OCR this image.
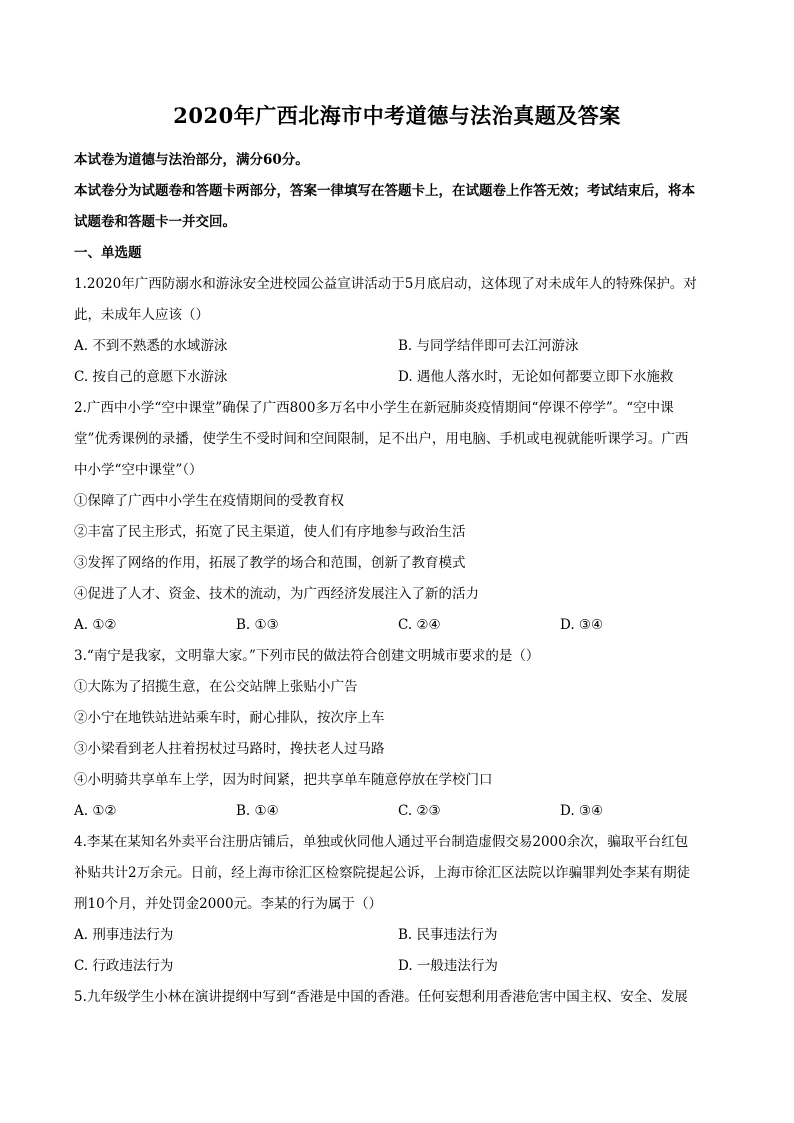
2020年广西北海市中考道德与法治真题及答案
本试卷为道德与法治部分，满分60分。
本试卷分为试题卷和答题卡两部分，答案一律填写在答题卡上，在试题卷上作答无效；考试结束后，将本
试题卷和答题卡一并交回。
一、单选题
1.2020年广西防溺水和游泳安全进校园公益宣讲活动于5月底启动，这体现了对未成年人的特殊保护。对
此，未成年人应该（）
A. 不到不熟悉的水域游泳	B. 与同学结伴即可去江河游泳
C. 按自己的意愿下水游泳	D. 遇他人落水时，无论如何都要立即下水施救
2.广西中小学“空中课堂”确保了广西800多万名中小学生在新冠肺炎疫情期间“停课不停学”。“空中课
堂”优秀课例的录播，使学生不受时间和空间限制，足不出户，用电脑、手机或电视就能听课学习。广西
中小学“空中课堂”（）
①保障了广西中小学生在疫情期间的受教育权
②丰富了民主形式，拓宽了民主渠道，使人们有序地参与政治生活
③发挥了网络的作用，拓展了教学的场合和范围，创新了教育模式
④促进了人才、资金、技术的流动，为广西经济发展注入了新的活力
A. ①②	B. ①③	C. ②④	D. ③④
3.“南宁是我家，文明靠大家。”下列市民的做法符合创建文明城市要求的是（）
①大陈为了招揽生意，在公交站牌上张贴小广告
②小宁在地铁站进站乘车时，耐心排队，按次序上车
③小梁看到老人拄着拐杖过马路时，搀扶老人过马路
④小明骑共享单车上学，因为时间紧，把共享单车随意停放在学校门口
A. ①②	B. ①④	C. ②③	D. ③④
4.李某在某知名外卖平台注册店铺后，单独或伙同他人通过平台制造虚假交易2000余次，骗取平台红包
补贴共计2万余元。日前，经上海市徐汇区检察院提起公诉，上海市徐汇区法院以诈骗罪判处李某有期徒
刑10个月，并处罚金2000元。李某的行为属于（）
A. 刑事违法行为	B. 民事违法行为
C. 行政违法行为	D. 一般违法行为
5.九年级学生小林在演讲提纲中写到“香港是中国的香港。任何妄想利用香港危害中国主权、安全、发展
